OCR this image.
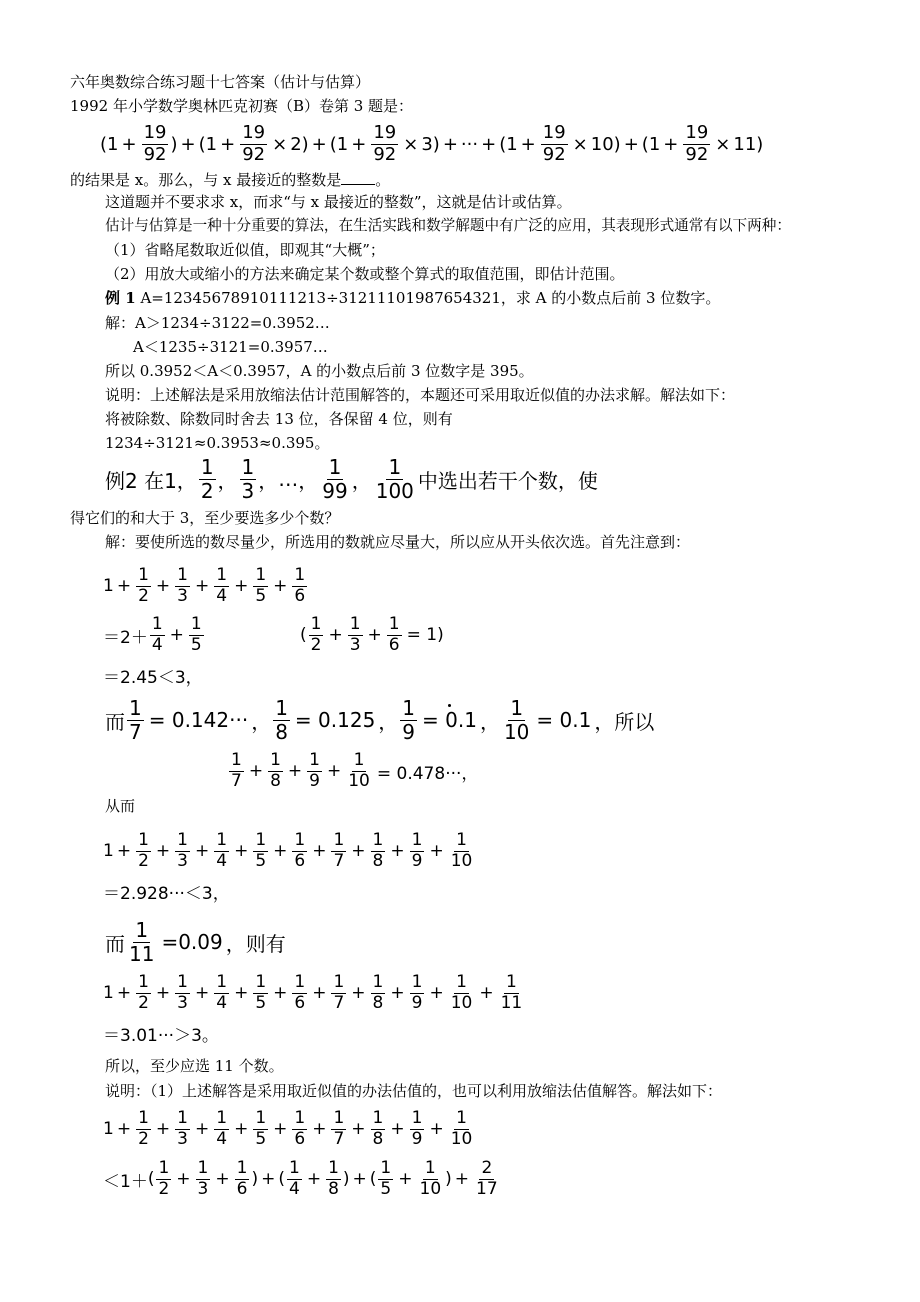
六年奥数综合练习题十七答案（估计与估算）
1992 年小学数学奥林匹克初赛（B）卷第 3 题是：
( $1 + \frac{19}{92}$ ) + ( $1 + \frac{19}{92} \times 2$ ) + ( $1 + \frac{19}{92} \times 3$ ) + ··· + ( $1 + \frac{19}{92} \times 10$ ) + ( $1 + \frac{19}{92} \times 11$ )
的结果是 x。那么，与 x 最接近的整数是 。
这道题并不要求求 x，而求“与 x 最接近的整数”，这就是估计或估算。
估计与估算是一种十分重要的算法，在生活实践和数学解题中有广泛的应用，其表现形式通常有以下两种：
（1）省略尾数取近似值，即观其“大概”；
（2）用放大或缩小的方法来确定某个数或整个算式的取值范围，即估计范围。
例 1 A=12345678910111213÷31211101987654321，求 A 的小数点后前 3 位数字。
解：A＞1234÷3122=0.3952…
A＜1235÷3121=0.3957…
所以 0.3952＜A＜0.3957，A 的小数点后前 3 位数字是 395。
说明：上述解法是采用放缩法估计范围解答的，本题还可采用取近似值的办法求解。解法如下：
将被除数、除数同时舍去 13 位，各保留 4 位，则有
1234÷3121≈0.3953≈0.395。
例2 在1， $\frac{1}{2}$ ， $\frac{1}{3}$ ， … ， $\frac{1}{99}$ ， $\frac{1}{100}$ 中选出若干个数，使
得它们的和大于 3，至少要选多少个数？
解：要使所选的数尽量少，所选用的数就应尽量大，所以应从开头依次选。首先注意到：
$1 + \frac{1}{2} + \frac{1}{3} + \frac{1}{4} + \frac{1}{5} + \frac{1}{6}$
$=2+ \frac{1}{4} + \frac{1}{5}$	( $\frac{1}{2} + \frac{1}{3} + \frac{1}{6} = 1$)
＝2.45＜3，
而 $\frac{1}{7} = 0.142\cdot\cdot\cdot$ ， $\frac{1}{8} = 0.125$ ， $\frac{1}{9} = 0.1$ ， $\frac{1}{10} = 0.1$ ， 所以
$\frac{1}{7} + \frac{1}{8} + \frac{1}{9} + \frac{1}{10} = 0.478\cdot\cdot\cdot$，
从而
$1 + \frac{1}{2} + \frac{1}{3} + \frac{1}{4} + \frac{1}{5} + \frac{1}{6} + \frac{1}{7} + \frac{1}{8} + \frac{1}{9} + \frac{1}{10}$
＝2.928···＜3，
而 $\frac{1}{11} =0.09$ ，则有
$1 + \frac{1}{2} + \frac{1}{3} + \frac{1}{4} + \frac{1}{5} + \frac{1}{6} + \frac{1}{7} + \frac{1}{8} + \frac{1}{9} + \frac{1}{10} + \frac{1}{11}$
＝3.01···＞3。
所以，至少应选 11 个数。
说明：（1）上述解答是采用取近似值的办法估值的，也可以利用放缩法估值解答。解法如下：
$1 + \frac{1}{2} + \frac{1}{3} + \frac{1}{4} + \frac{1}{5} + \frac{1}{6} + \frac{1}{7} + \frac{1}{8} + \frac{1}{9} + \frac{1}{10}$
＜1＋ ( $\frac{1}{2} + \frac{1}{3} + \frac{1}{6}$ ) + ( $\frac{1}{4} + \frac{1}{8}$ ) + ( $\frac{1}{5} + \frac{1}{10}$ ) + $\frac{2}{17}$
